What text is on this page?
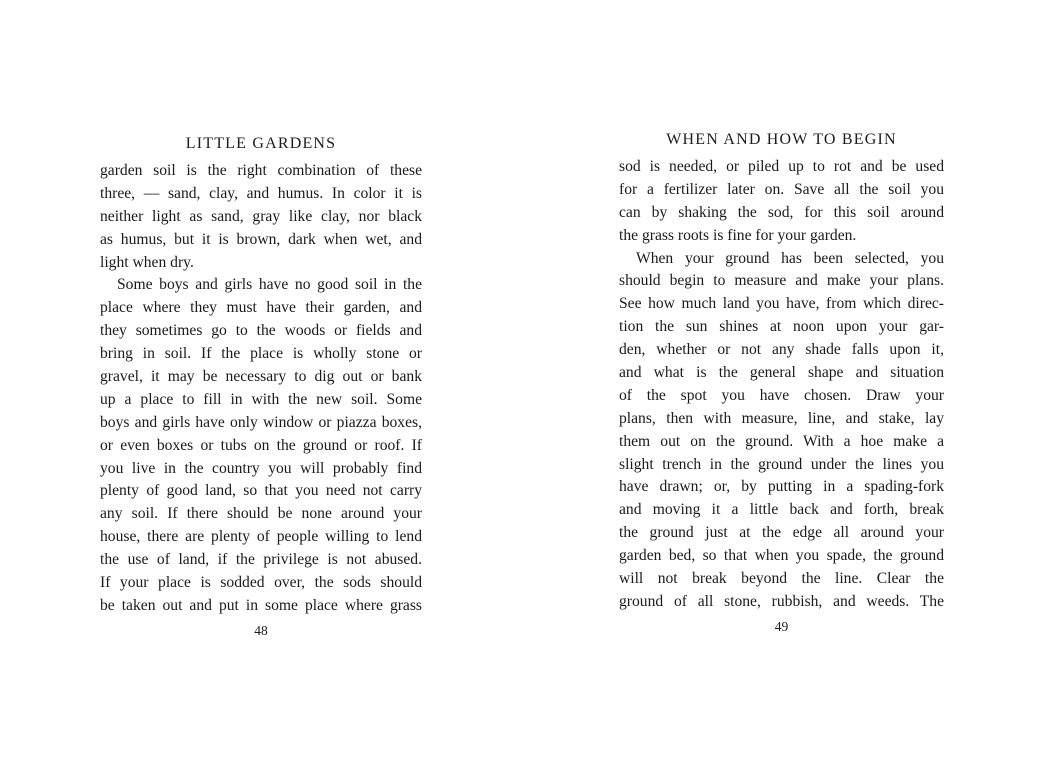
LITTLE GARDENS
garden soil is the right combination of these
three, — sand, clay, and humus. In color it is
neither light as sand, gray like clay, nor black
as humus, but it is brown, dark when wet, and
light when dry.
Some boys and girls have no good soil in the
place where they must have their garden, and
they sometimes go to the woods or fields and
bring in soil. If the place is wholly stone or
gravel, it may be necessary to dig out or bank
up a place to fill in with the new soil. Some
boys and girls have only window or piazza boxes,
or even boxes or tubs on the ground or roof. If
you live in the country you will probably find
plenty of good land, so that you need not carry
any soil. If there should be none around your
house, there are plenty of people willing to lend
the use of land, if the privilege is not abused.
If your place is sodded over, the sods should
be taken out and put in some place where grass
48
WHEN AND HOW TO BEGIN
sod is needed, or piled up to rot and be used
for a fertilizer later on. Save all the soil you
can by shaking the sod, for this soil around
the grass roots is fine for your garden.
When your ground has been selected, you
should begin to measure and make your plans.
See how much land you have, from which direc-
tion the sun shines at noon upon your gar-
den, whether or not any shade falls upon it,
and what is the general shape and situation
of the spot you have chosen. Draw your
plans, then with measure, line, and stake, lay
them out on the ground. With a hoe make a
slight trench in the ground under the lines you
have drawn; or, by putting in a spading-fork
and moving it a little back and forth, break
the ground just at the edge all around your
garden bed, so that when you spade, the ground
will not break beyond the line. Clear the
ground of all stone, rubbish, and weeds. The
49
